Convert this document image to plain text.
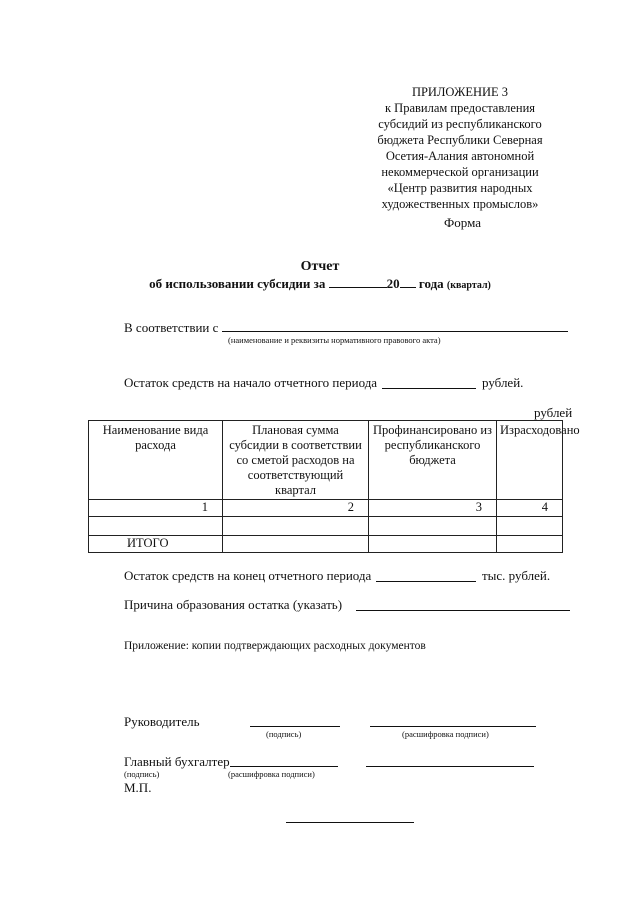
ПРИЛОЖЕНИЕ 3
к Правилам предоставления
субсидий из республиканского
бюджета Республики Северная
Осетия-Алания автономной
некоммерческой организации
«Центр развития народных
художественных промыслов»
Форма
Отчет
об использовании субсидии за	20 года (квартал)
В соответствии с
(наименование и реквизиты нормативного правового акта)
Остаток средств на начало отчетного периода	рублей.
рублей
Наименование вида расхода	Плановая сумма субсидии в соответствии со сметой расходов на соответствующий квартал	Профинансировано из республиканского бюджета	Израсходовано
1	2	3	4

ИТОГО			
Остаток средств на конец отчетного периода	тыс. рублей.
Причина образования остатка (указать)
Приложение: копии подтверждающих расходных документов
Руководитель
(подпись)	(расшифровка подписи)
Главный бухгалтер
(подпись)	(расшифровка подписи)
М.П.
